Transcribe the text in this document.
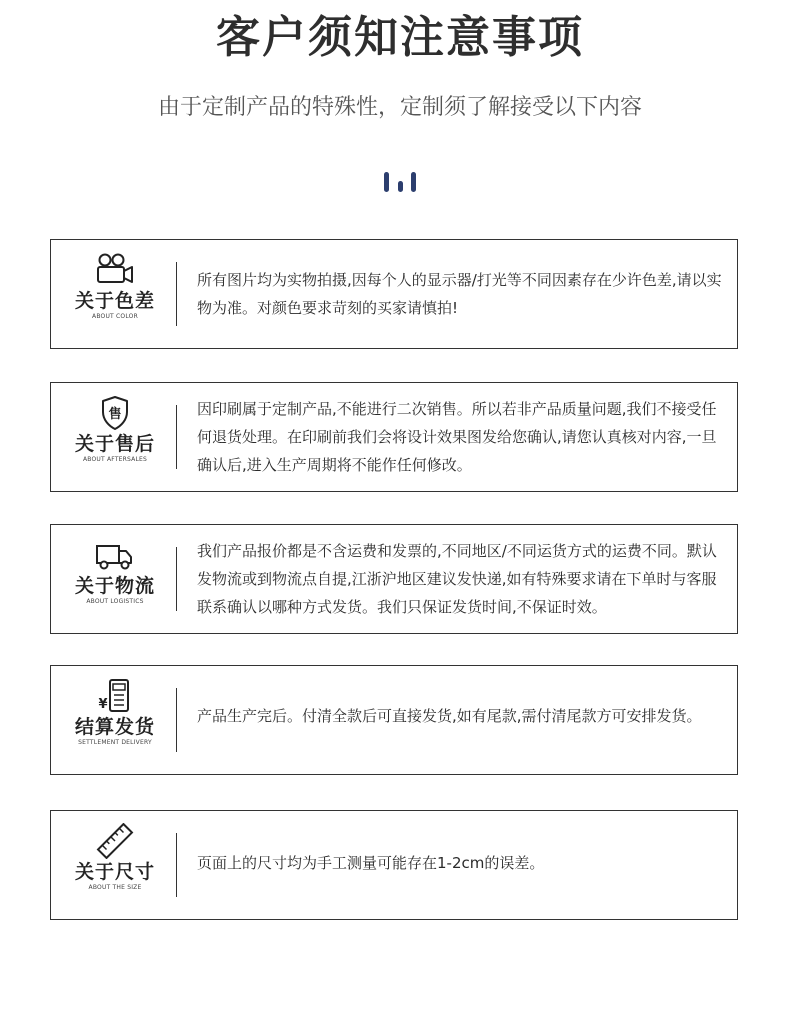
客户须知注意事项
由于定制产品的特殊性，定制须了解接受以下内容
关于色差
ABOUT COLOR
所有图片均为实物拍摄,因每个人的显示器/打光等不同因素存在少许色差,请以实物为准。对颜色要求苛刻的买家请慎拍!
售
关于售后
ABOUT AFTERSALES
因印刷属于定制产品,不能进行二次销售。所以若非产品质量问题,我们不接受任何退货处理。在印刷前我们会将设计效果图发给您确认,请您认真核对内容,一旦确认后,进入生产周期将不能作任何修改。
关于物流
ABOUT LOGISTICS
我们产品报价都是不含运费和发票的,不同地区/不同运货方式的运费不同。默认发物流或到物流点自提,江浙沪地区建议发快递,如有特殊要求请在下单时与客服联系确认以哪种方式发货。我们只保证发货时间,不保证时效。
¥
结算发货
SETTLEMENT DELIVERY
产品生产完后。付清全款后可直接发货,如有尾款,需付清尾款方可安排发货。
关于尺寸
ABOUT THE SIZE
页面上的尺寸均为手工测量可能存在1-2cm的误差。
